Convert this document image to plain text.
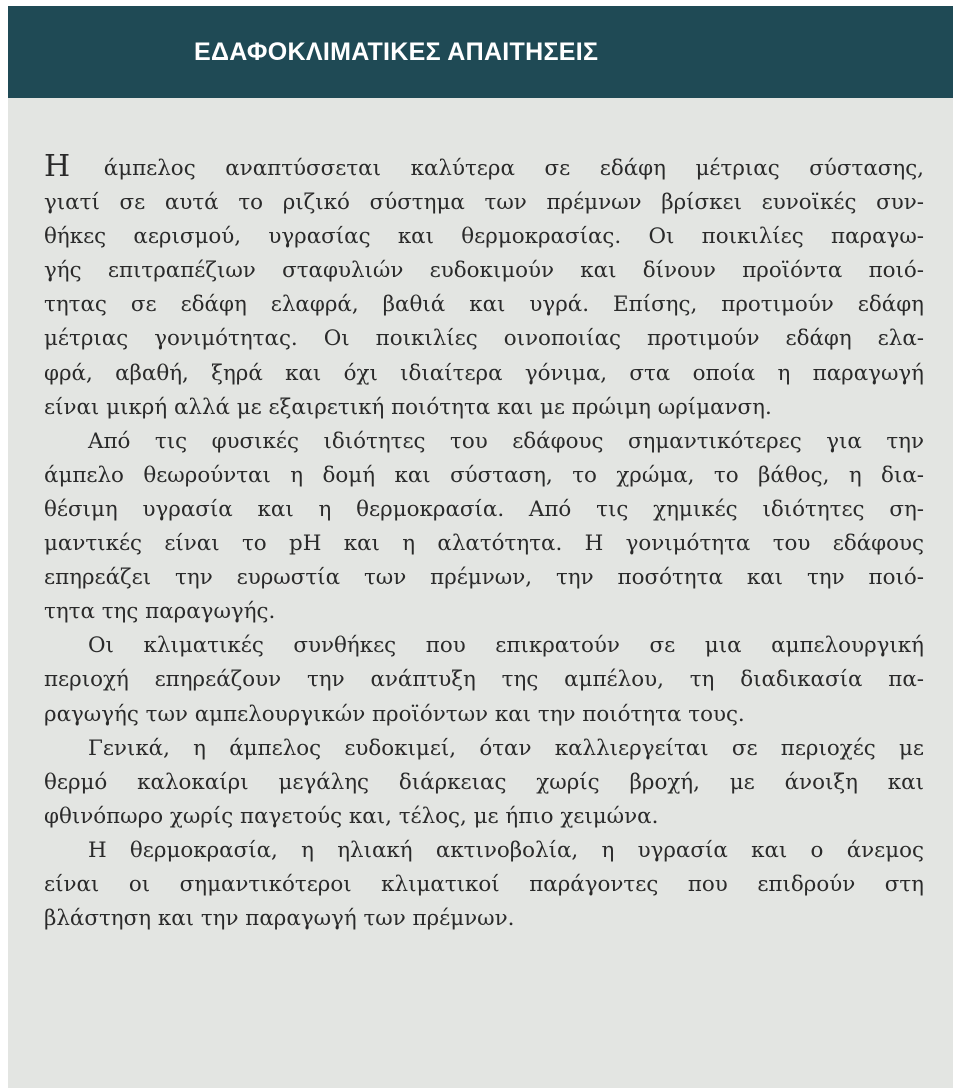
ΕΔΑΦΟΚΛΙΜΑΤΙΚΕΣ ΑΠΑΙΤΗΣΕΙΣ
Η άμπελος αναπτύσσεται καλύτερα σε εδάφη μέτριας σύστασης,
γιατί σε αυτά το ριζικό σύστημα των πρέμνων βρίσκει ευνοϊκές συν-
θήκες αερισμού, υγρασίας και θερμοκρασίας. Οι ποικιλίες παραγω-
γής επιτραπέζιων σταφυλιών ευδοκιμούν και δίνουν προϊόντα ποιό-
τητας σε εδάφη ελαφρά, βαθιά και υγρά. Επίσης, προτιμούν εδάφη
μέτριας γονιμότητας. Οι ποικιλίες οινοποιίας προτιμούν εδάφη ελα-
φρά, αβαθή, ξηρά και όχι ιδιαίτερα γόνιμα, στα οποία η παραγωγή
είναι μικρή αλλά με εξαιρετική ποιότητα και με πρώιμη ωρίμανση.
Από τις φυσικές ιδιότητες του εδάφους σημαντικότερες για την
άμπελο θεωρούνται η δομή και σύσταση, το χρώμα, το βάθος, η δια-
θέσιμη υγρασία και η θερμοκρασία. Από τις χημικές ιδιότητες ση-
μαντικές είναι το pH και η αλατότητα. Η γονιμότητα του εδάφους
επηρεάζει την ευρωστία των πρέμνων, την ποσότητα και την ποιό-
τητα της παραγωγής.
Οι κλιματικές συνθήκες που επικρατούν σε μια αμπελουργική
περιοχή επηρεάζουν την ανάπτυξη της αμπέλου, τη διαδικασία πα-
ραγωγής των αμπελουργικών προϊόντων και την ποιότητα τους.
Γενικά, η άμπελος ευδοκιμεί, όταν καλλιεργείται σε περιοχές με
θερμό καλοκαίρι μεγάλης διάρκειας χωρίς βροχή, με άνοιξη και
φθινόπωρο χωρίς παγετούς και, τέλος, με ήπιο χειμώνα.
Η θερμοκρασία, η ηλιακή ακτινοβολία, η υγρασία και ο άνεμος
είναι οι σημαντικότεροι κλιματικοί παράγοντες που επιδρούν στη
βλάστηση και την παραγωγή των πρέμνων.
